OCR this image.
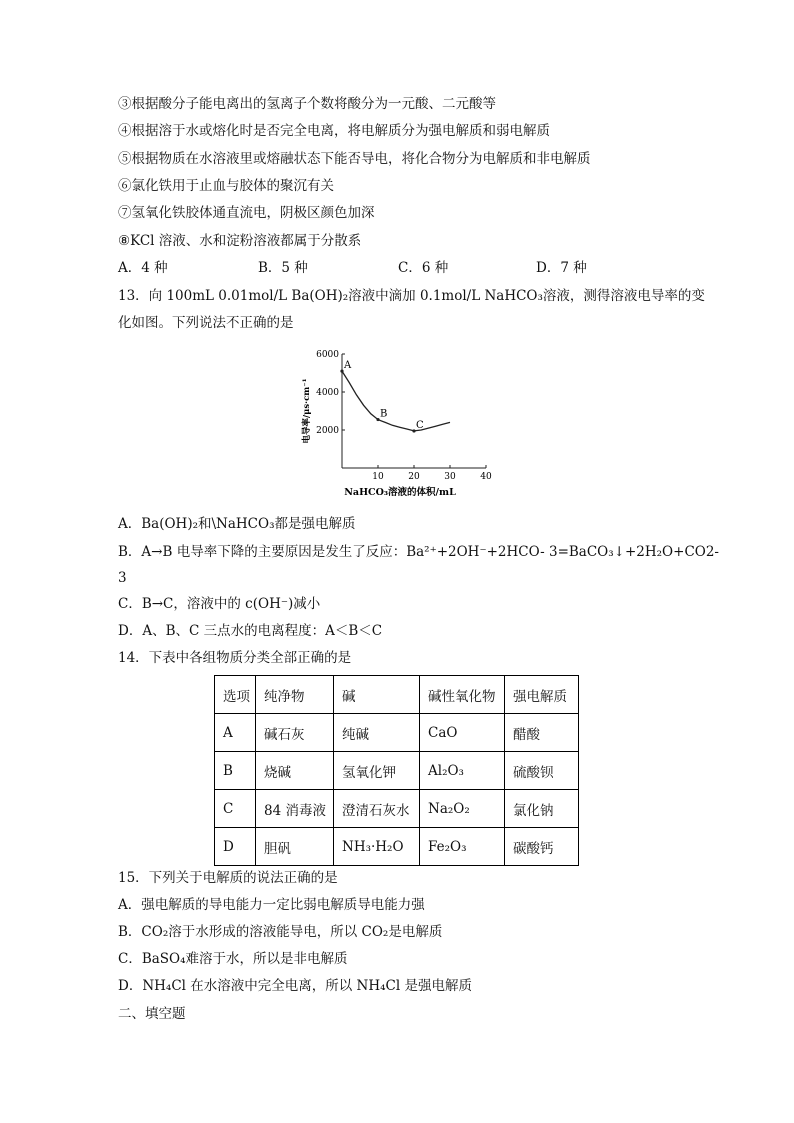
③根据酸分子能电离出的氢离子个数将酸分为一元酸、二元酸等
④根据溶于水或熔化时是否完全电离，将电解质分为强电解质和弱电解质
⑤根据物质在水溶液里或熔融状态下能否导电，将化合物分为电解质和非电解质
⑥氯化铁用于止血与胶体的聚沉有关
⑦氢氧化铁胶体通直流电，阴极区颜色加深
⑧KCl 溶液、水和淀粉溶液都属于分散系
A．4 种	B．5 种	C．6 种	D．7 种
13．向 100mL 0.01mol/L Ba(OH)₂溶液中滴加 0.1mol/L NaHCO₃溶液，测得溶液电导率的变
化如图。下列说法不正确的是
10	20	30	40
2000
4000
6000
A
B
C
NaHCO₃溶液的体积/mL
电导率/μs·cm⁻¹
A．Ba(OH)₂和\NaHCO₃都是强电解质
B．A→B 电导率下降的主要原因是发生了反应：Ba²⁺+2OH⁻+2HCO- 3=BaCO₃↓+2H₂O+CO2-
3
C．B→C，溶液中的 c(OH⁻)减小
D．A、B、C 三点水的电离程度：A＜B＜C
14．下表中各组物质分类全部正确的是
选项	纯净物	碱	碱性氧化物	强电解质
A	碱石灰	纯碱	CaO	醋酸
B	烧碱	氢氧化钾	Al₂O₃	硫酸钡
C	84 消毒液	澄清石灰水	Na₂O₂	氯化钠
D	胆矾	NH₃·H₂O	Fe₂O₃	碳酸钙
15．下列关于电解质的说法正确的是
A．强电解质的导电能力一定比弱电解质导电能力强
B．CO₂溶于水形成的溶液能导电，所以 CO₂是电解质
C．BaSO₄难溶于水，所以是非电解质
D．NH₄Cl 在水溶液中完全电离，所以 NH₄Cl 是强电解质
二、填空题
